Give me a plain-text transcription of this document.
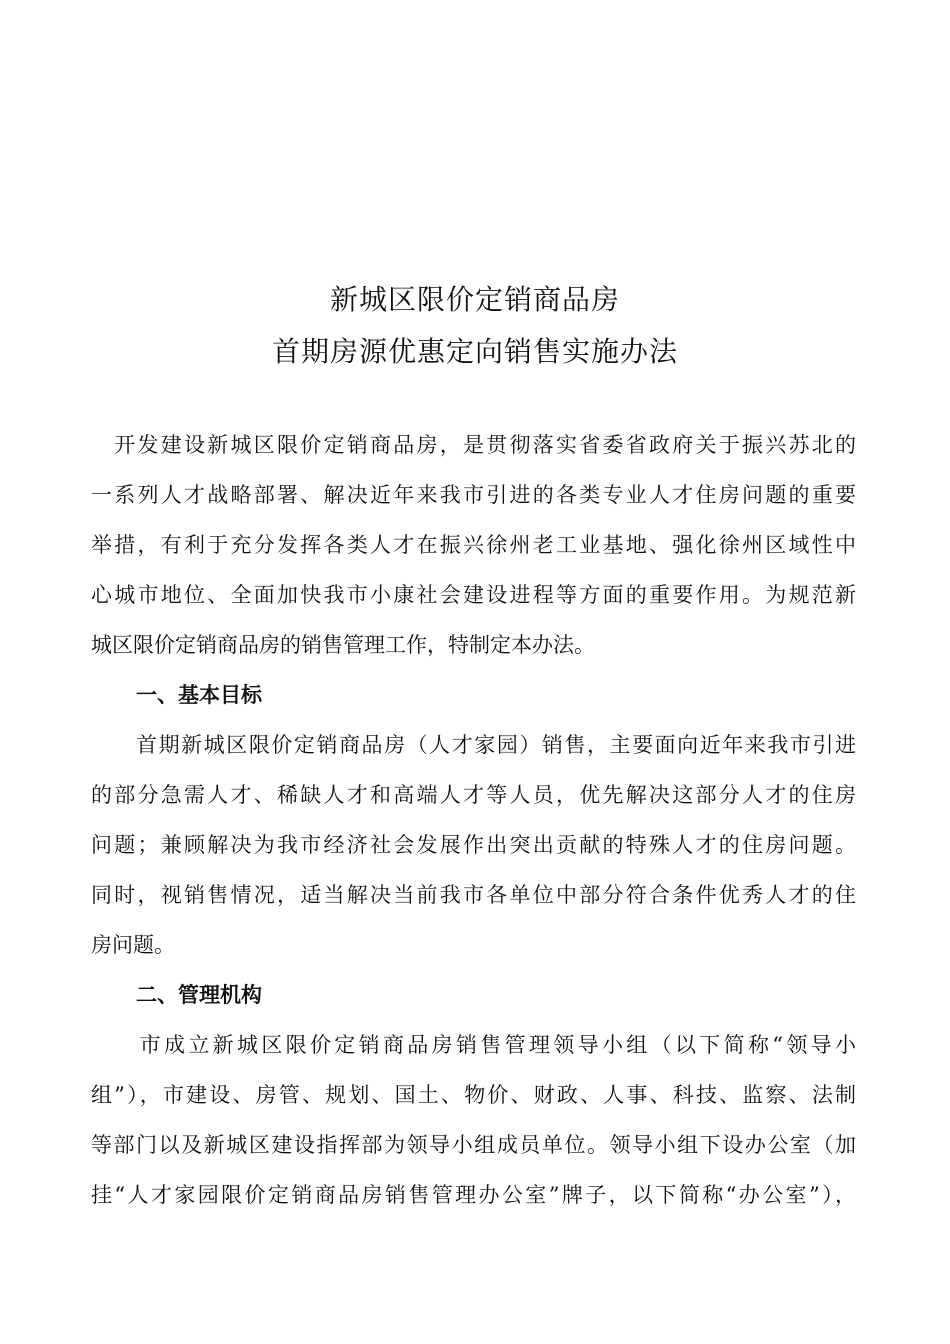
新城区限价定销商品房
首期房源优惠定向销售实施办法
　开发建设新城区限价定销商品房，是贯彻落实省委省政府关于振兴苏北的
一系列人才战略部署、解决近年来我市引进的各类专业人才住房问题的重要
举措，有利于充分发挥各类人才在振兴徐州老工业基地、强化徐州区域性中
心城市地位、全面加快我市小康社会建设进程等方面的重要作用。为规范新
城区限价定销商品房的销售管理工作，特制定本办法。
一、基本目标
　　首期新城区限价定销商品房（人才家园）销售，主要面向近年来我市引进
的部分急需人才、稀缺人才和高端人才等人员，优先解决这部分人才的住房
问题；兼顾解决为我市经济社会发展作出突出贡献的特殊人才的住房问题。
同时，视销售情况，适当解决当前我市各单位中部分符合条件优秀人才的住
房问题。
二、管理机构
　　市成立新城区限价定销商品房销售管理领导小组（以下简称“领导小
组”），市建设、房管、规划、国土、物价、财政、人事、科技、监察、法制
等部门以及新城区建设指挥部为领导小组成员单位。领导小组下设办公室（加
挂“人才家园限价定销商品房销售管理办公室”牌子，以下简称“办公室”），
